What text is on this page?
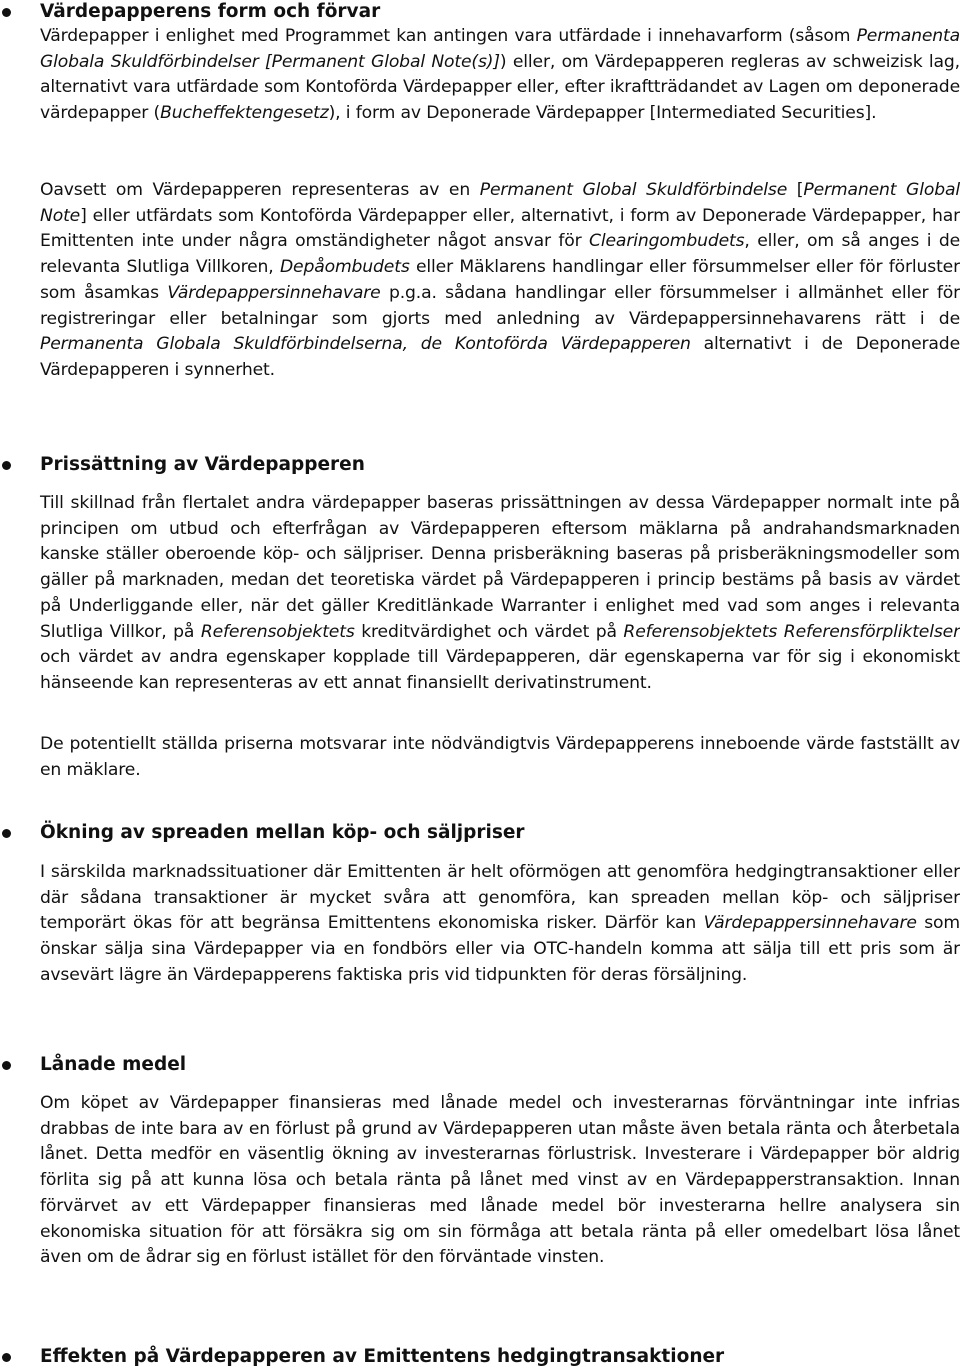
Värdepapperens form och förvar

Värdepapper i enlighet med Programmet kan antingen vara utfärdade i innehavarform (såsom Permanenta Globala Skuldförbindelser [Permanent Global Note(s)]) eller, om Värdepapperen regleras av schweizisk lag, alternativt vara utfärdade som Kontoförda Värdepapper eller, efter ikraftträdandet av Lagen om deponerade värdepapper (Bucheffektengesetz), i form av Deponerade Värdepapper [Intermediated Securities].

Oavsett om Värdepapperen representeras av en Permanent Global Skuldförbindelse [Permanent Global Note] eller utfärdats som Kontoförda Värdepapper eller, alternativt, i form av Deponerade Värdepapper, har Emittenten inte under några omständigheter något ansvar för Clearingombudets, eller, om så anges i de relevanta Slutliga Villkoren, Depåombudets eller Mäklarens handlingar eller försummelser eller för förluster som åsamkas Värdepappersinnehavare p.g.a. sådana handlingar eller försummelser i allmänhet eller för registreringar eller betalningar som gjorts med anledning av Värdepappersinnehavarens rätt i de Permanenta Globala Skuldförbindelserna, de Kontoförda Värdepapperen alternativt i de Deponerade Värdepapperen i synnerhet.

Prissättning av Värdepapperen

Till skillnad från flertalet andra värdepapper baseras prissättningen av dessa Värdepapper normalt inte på principen om utbud och efterfrågan av Värdepapperen eftersom mäklarna på andrahandsmarknaden kanske ställer oberoende köp- och säljpriser. Denna prisberäkning baseras på prisberäkningsmodeller som gäller på marknaden, medan det teoretiska värdet på Värdepapperen i princip bestäms på basis av värdet på Underliggande eller, när det gäller Kreditlänkade Warranter i enlighet med vad som anges i relevanta Slutliga Villkor, på Referensobjektets kreditvärdighet och värdet på Referensobjektets Referensförpliktelser och värdet av andra egenskaper kopplade till Värdepapperen, där egenskaperna var för sig i ekonomiskt hänseende kan representeras av ett annat finansiellt derivatinstrument.

De potentiellt ställda priserna motsvarar inte nödvändigtvis Värdepapperens inneboende värde fastställt av en mäklare.

Ökning av spreaden mellan köp- och säljpriser

I särskilda marknadssituationer där Emittenten är helt oförmögen att genomföra hedgingtransaktioner eller där sådana transaktioner är mycket svåra att genomföra, kan spreaden mellan köp- och säljpriser temporärt ökas för att begränsa Emittentens ekonomiska risker. Därför kan Värdepappersinnehavare som önskar sälja sina Värdepapper via en fondbörs eller via OTC-handeln komma att sälja till ett pris som är avsevärt lägre än Värdepapperens faktiska pris vid tidpunkten för deras försäljning.

Lånade medel

Om köpet av Värdepapper finansieras med lånade medel och investerarnas förväntningar inte infrias drabbas de inte bara av en förlust på grund av Värdepapperen utan måste även betala ränta och återbetala lånet. Detta medför en väsentlig ökning av investerarnas förlustrisk. Investerare i Värdepapper bör aldrig förlita sig på att kunna lösa och betala ränta på lånet med vinst av en Värdepapperstransaktion. Innan förvärvet av ett Värdepapper finansieras med lånade medel bör investerarna hellre analysera sin ekonomiska situation för att försäkra sig om sin förmåga att betala ränta på eller omedelbart lösa lånet även om de ådrar sig en förlust istället för den förväntade vinsten.

Effekten på Värdepapperen av Emittentens hedgingtransaktioner
